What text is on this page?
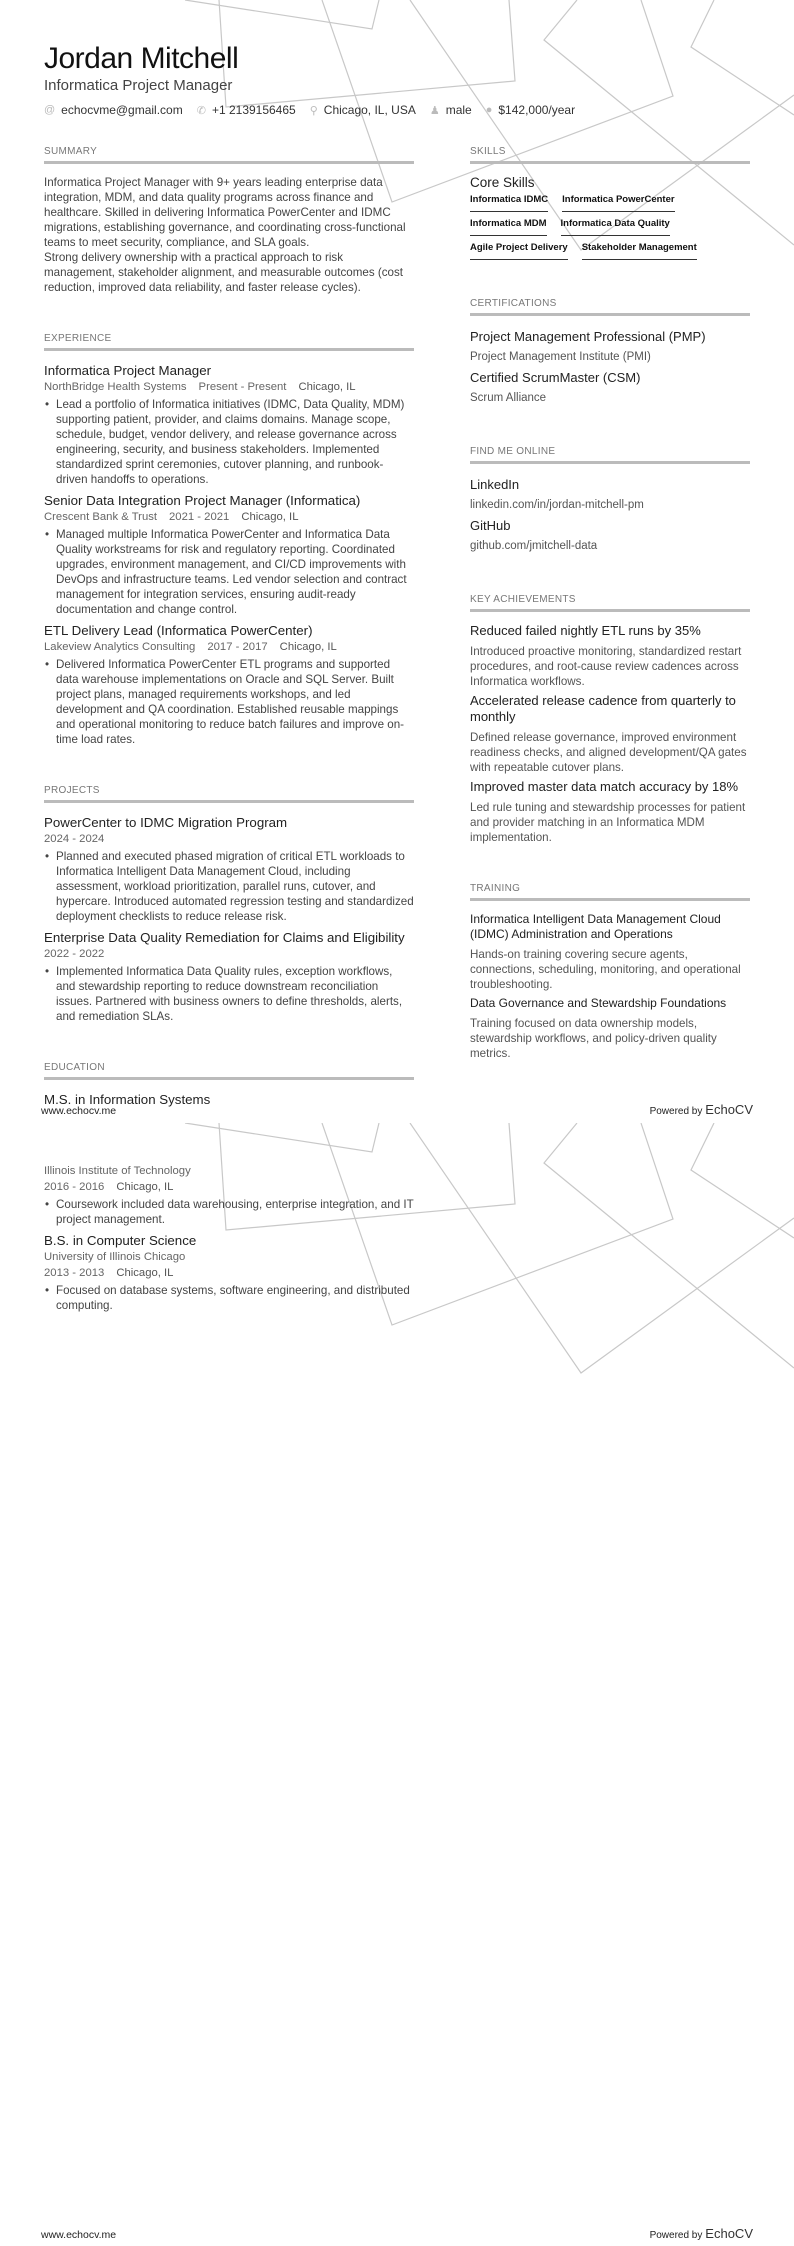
Jordan Mitchell
Informatica Project Manager
@ echocvme@gmail.com ✆ +1 2139156465 ⚲ Chicago, IL, USA ♟ male ● $142,000/year
SUMMARY

Informatica Project Manager with 9+ years leading enterprise data integration, MDM, and data quality programs across finance and healthcare. Skilled in delivering Informatica PowerCenter and IDMC migrations, establishing governance, and coordinating cross-functional teams to meet security, compliance, and SLA goals.

Strong delivery ownership with a practical approach to risk management, stakeholder alignment, and measurable outcomes (cost reduction, improved data reliability, and faster release cycles).

EXPERIENCE
Informatica Project Manager
NorthBridge Health Systems Present - Present Chicago, IL
• Lead a portfolio of Informatica initiatives (IDMC, Data Quality, MDM) supporting patient, provider, and claims domains. Manage scope, schedule, budget, vendor delivery, and release governance across engineering, security, and business stakeholders. Implemented standardized sprint ceremonies, cutover planning, and runbook-driven handoffs to operations.
Senior Data Integration Project Manager (Informatica)
Crescent Bank & Trust 2021 - 2021 Chicago, IL
• Managed multiple Informatica PowerCenter and Informatica Data Quality workstreams for risk and regulatory reporting. Coordinated upgrades, environment management, and CI/CD improvements with DevOps and infrastructure teams. Led vendor selection and contract management for integration services, ensuring audit-ready documentation and change control.
ETL Delivery Lead (Informatica PowerCenter)
Lakeview Analytics Consulting 2017 - 2017 Chicago, IL
• Delivered Informatica PowerCenter ETL programs and supported data warehouse implementations on Oracle and SQL Server. Built project plans, managed requirements workshops, and led development and QA coordination. Established reusable mappings and operational monitoring to reduce batch failures and improve on-time load rates.
PROJECTS
PowerCenter to IDMC Migration Program
2024 - 2024
• Planned and executed phased migration of critical ETL workloads to Informatica Intelligent Data Management Cloud, including assessment, workload prioritization, parallel runs, cutover, and hypercare. Introduced automated regression testing and standardized deployment checklists to reduce release risk.
Enterprise Data Quality Remediation for Claims and Eligibility
2022 - 2022
• Implemented Informatica Data Quality rules, exception workflows, and stewardship reporting to reduce downstream reconciliation issues. Partnered with business owners to define thresholds, alerts, and remediation SLAs.
EDUCATION
M.S. in Information Systems
SKILLS
Core Skills
Informatica IDMC Informatica PowerCenter
Informatica MDM Informatica Data Quality
Agile Project Delivery Stakeholder Management
CERTIFICATIONS
Project Management Professional (PMP)
Project Management Institute (PMI)
Certified ScrumMaster (CSM)
Scrum Alliance
FIND ME ONLINE
LinkedIn
linkedin.com/in/jordan-mitchell-pm
GitHub
github.com/jmitchell-data
KEY ACHIEVEMENTS
Reduced failed nightly ETL runs by 35%
Introduced proactive monitoring, standardized restart procedures, and root-cause review cadences across Informatica workflows.
Accelerated release cadence from quarterly to monthly
Defined release governance, improved environment readiness checks, and aligned development/QA gates with repeatable cutover plans.
Improved master data match accuracy by 18%
Led rule tuning and stewardship processes for patient and provider matching in an Informatica MDM implementation.
TRAINING
Informatica Intelligent Data Management Cloud (IDMC) Administration and Operations
Hands-on training covering secure agents, connections, scheduling, monitoring, and operational troubleshooting.
Data Governance and Stewardship Foundations
Training focused on data ownership models, stewardship workflows, and policy-driven quality metrics.
www.echocv.me	Powered by EchoCV
Illinois Institute of Technology
2016 - 2016 Chicago, IL
• Coursework included data warehousing, enterprise integration, and IT project management.
B.S. in Computer Science
University of Illinois Chicago
2013 - 2013 Chicago, IL
• Focused on database systems, software engineering, and distributed computing.
www.echocv.me	Powered by EchoCV
